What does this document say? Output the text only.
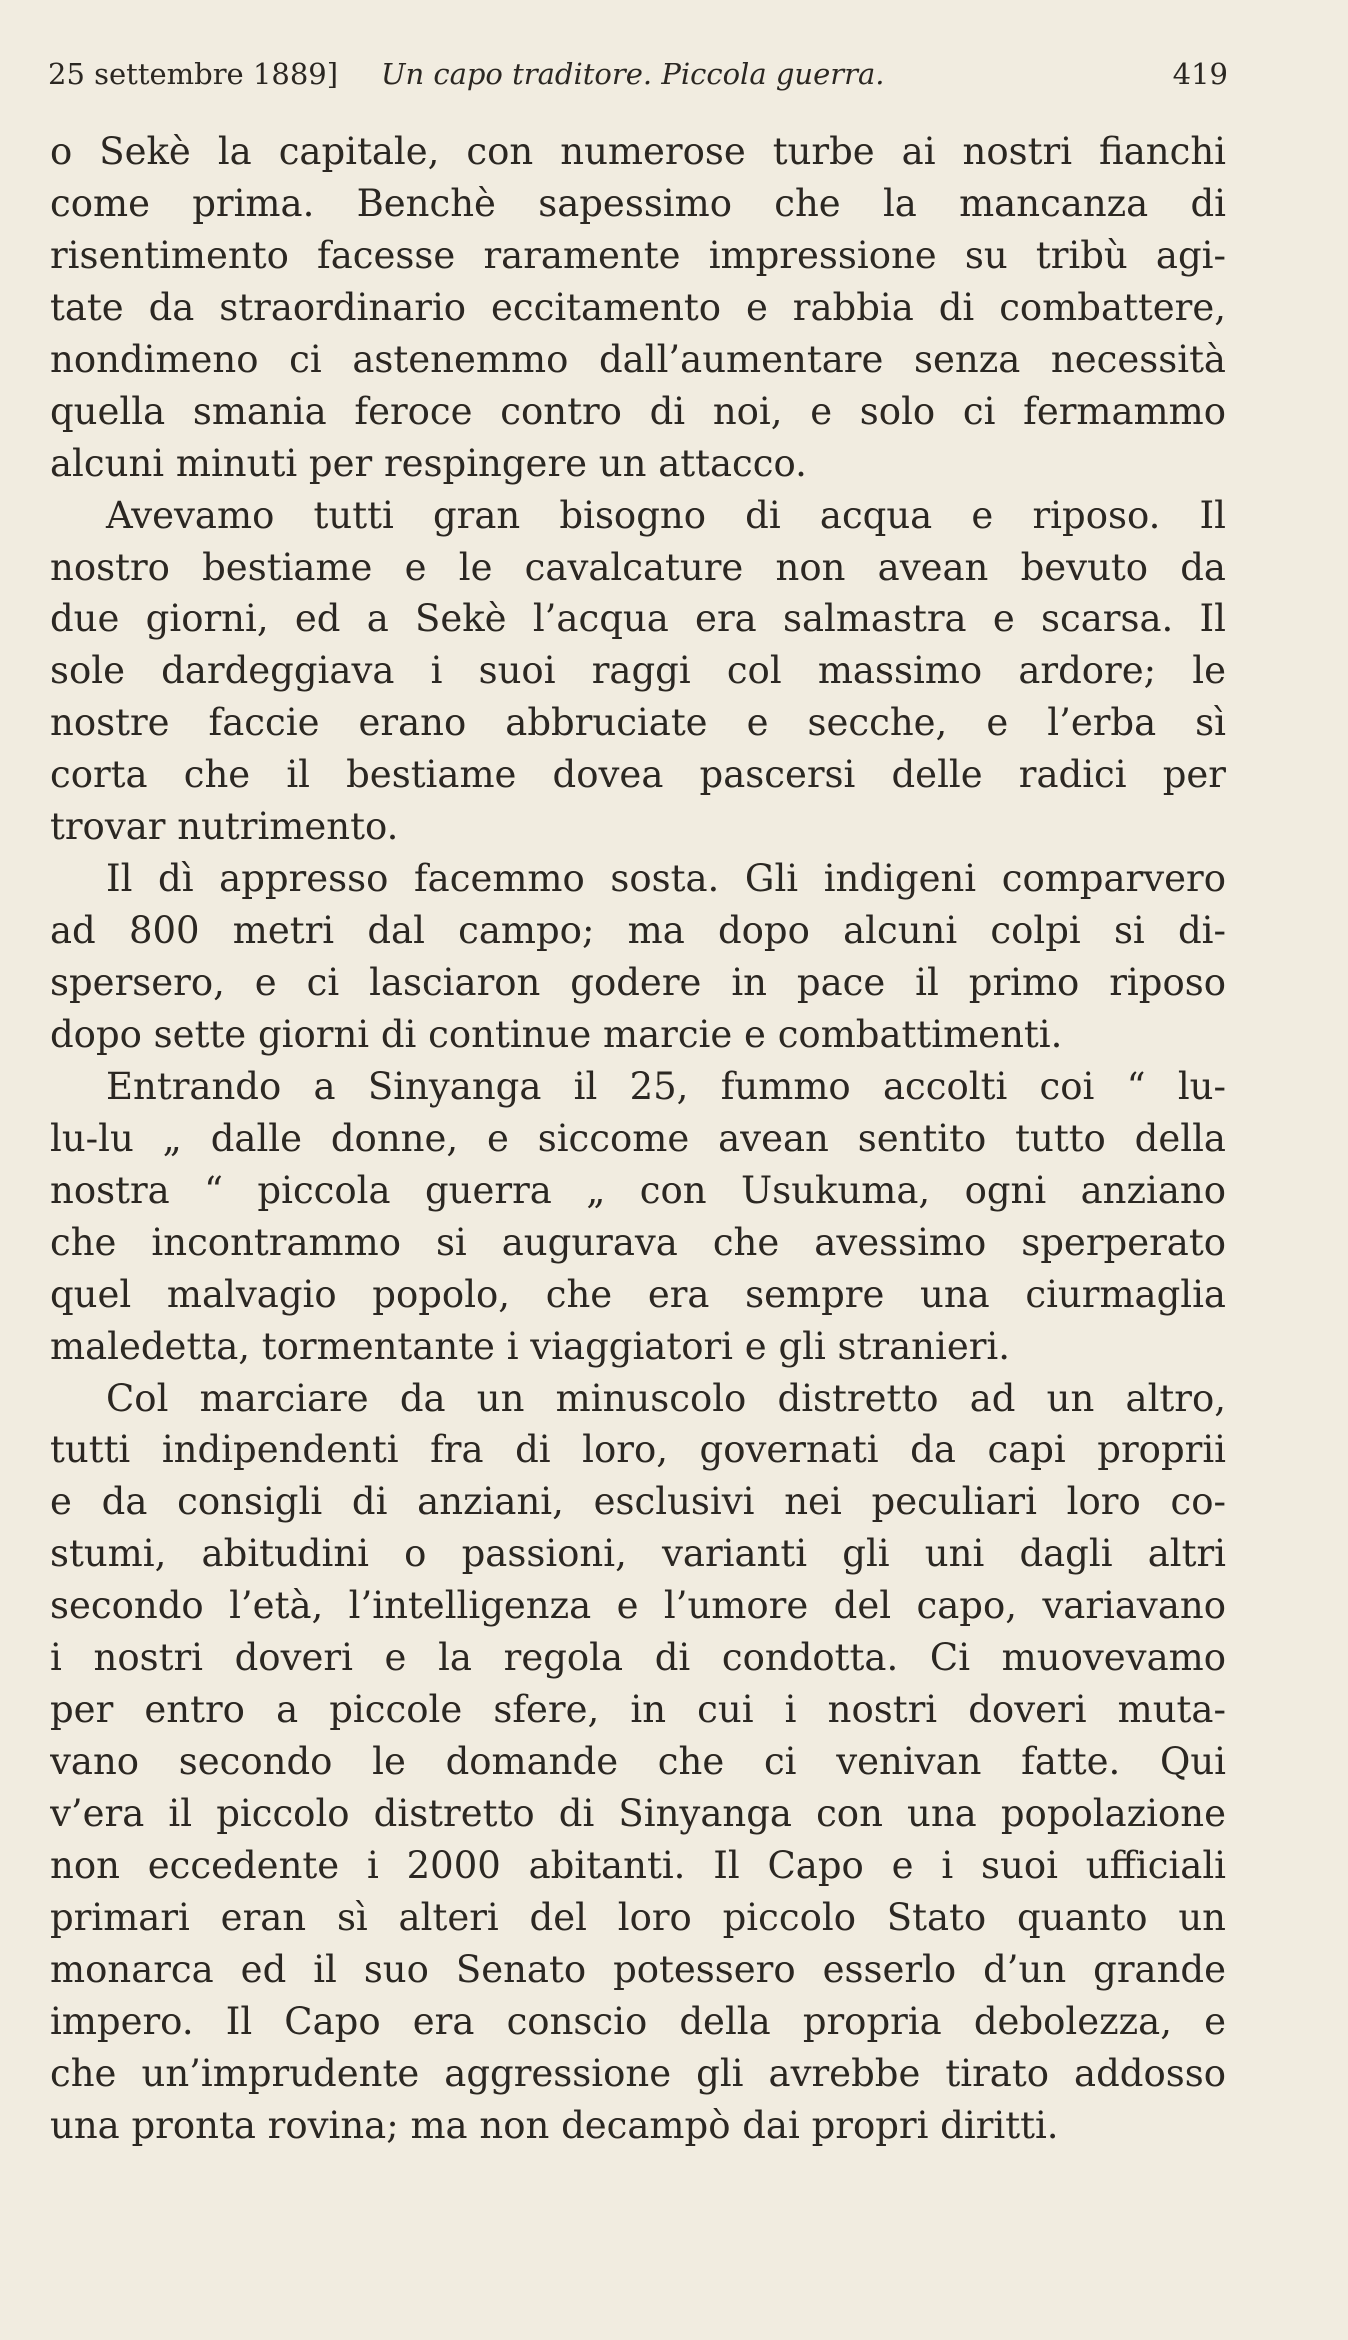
25 settembre 1889] Un capo traditore. Piccola guerra.	419
o Sekè la capitale, con numerose turbe ai nostri fianchi
come prima. Benchè sapessimo che la mancanza di
risentimento facesse raramente impressione su tribù agi-
tate da straordinario eccitamento e rabbia di combattere,
nondimeno ci astenemmo dall’aumentare senza necessità
quella smania feroce contro di noi, e solo ci fermammo
alcuni minuti per respingere un attacco.
Avevamo tutti gran bisogno di acqua e riposo. Il
nostro bestiame e le cavalcature non avean bevuto da
due giorni, ed a Sekè l’acqua era salmastra e scarsa. Il
sole dardeggiava i suoi raggi col massimo ardore; le
nostre faccie erano abbruciate e secche, e l’erba sì
corta che il bestiame dovea pascersi delle radici per
trovar nutrimento.
Il dì appresso facemmo sosta. Gli indigeni comparvero
ad 800 metri dal campo; ma dopo alcuni colpi si di-
spersero, e ci lasciaron godere in pace il primo riposo
dopo sette giorni di continue marcie e combattimenti.
Entrando a Sinyanga il 25, fummo accolti coi “ lu-
lu-lu „ dalle donne, e siccome avean sentito tutto della
nostra “ piccola guerra „ con Usukuma, ogni anziano
che incontrammo si augurava che avessimo sperperato
quel malvagio popolo, che era sempre una ciurmaglia
maledetta, tormentante i viaggiatori e gli stranieri.
Col marciare da un minuscolo distretto ad un altro,
tutti indipendenti fra di loro, governati da capi proprii
e da consigli di anziani, esclusivi nei peculiari loro co-
stumi, abitudini o passioni, varianti gli uni dagli altri
secondo l’età, l’intelligenza e l’umore del capo, variavano
i nostri doveri e la regola di condotta. Ci muovevamo
per entro a piccole sfere, in cui i nostri doveri muta-
vano secondo le domande che ci venivan fatte. Qui
v’era il piccolo distretto di Sinyanga con una popolazione
non eccedente i 2000 abitanti. Il Capo e i suoi ufficiali
primari eran sì alteri del loro piccolo Stato quanto un
monarca ed il suo Senato potessero esserlo d’un grande
impero. Il Capo era conscio della propria debolezza, e
che un’imprudente aggressione gli avrebbe tirato addosso
una pronta rovina; ma non decampò dai propri diritti.
